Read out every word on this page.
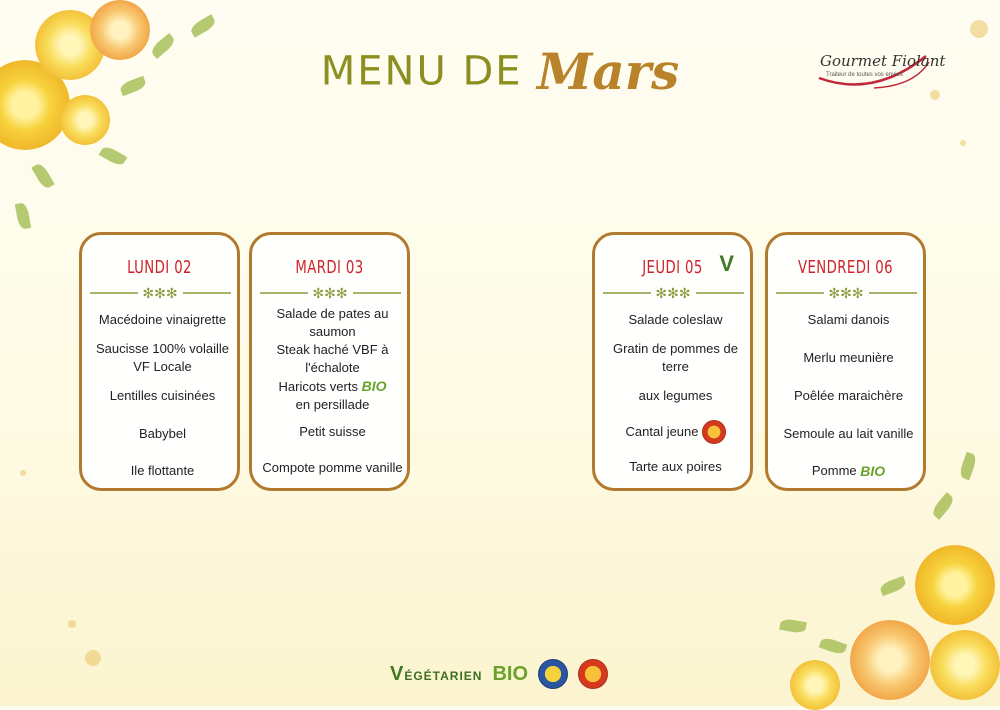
MENU DE Mars	Gourmet Fiolant
Traiteur de toutes vos envies
LUNDI 02
✻✻✻
Macédoine vinaigrette
Saucisse 100% volaille VF Locale
Lentilles cuisinées
Babybel
Ile flottante
MARDI 03
✻✻✻
Salade de pates au saumon
Steak haché VBF à l'échalote
Haricots verts BIO
en persillade
Petit suisse
Compote pomme vanille
JEUDI 05 V
✻✻✻
Salade coleslaw
Gratin de pommes de terre
aux legumes
Cantal jeune
Tarte aux poires
VENDREDI 06
✻✻✻
Salami danois
Merlu meunière
Poêlée maraichère
Semoule au lait vanille
Pomme
BIO
VÉGÉTARIEN BIO
